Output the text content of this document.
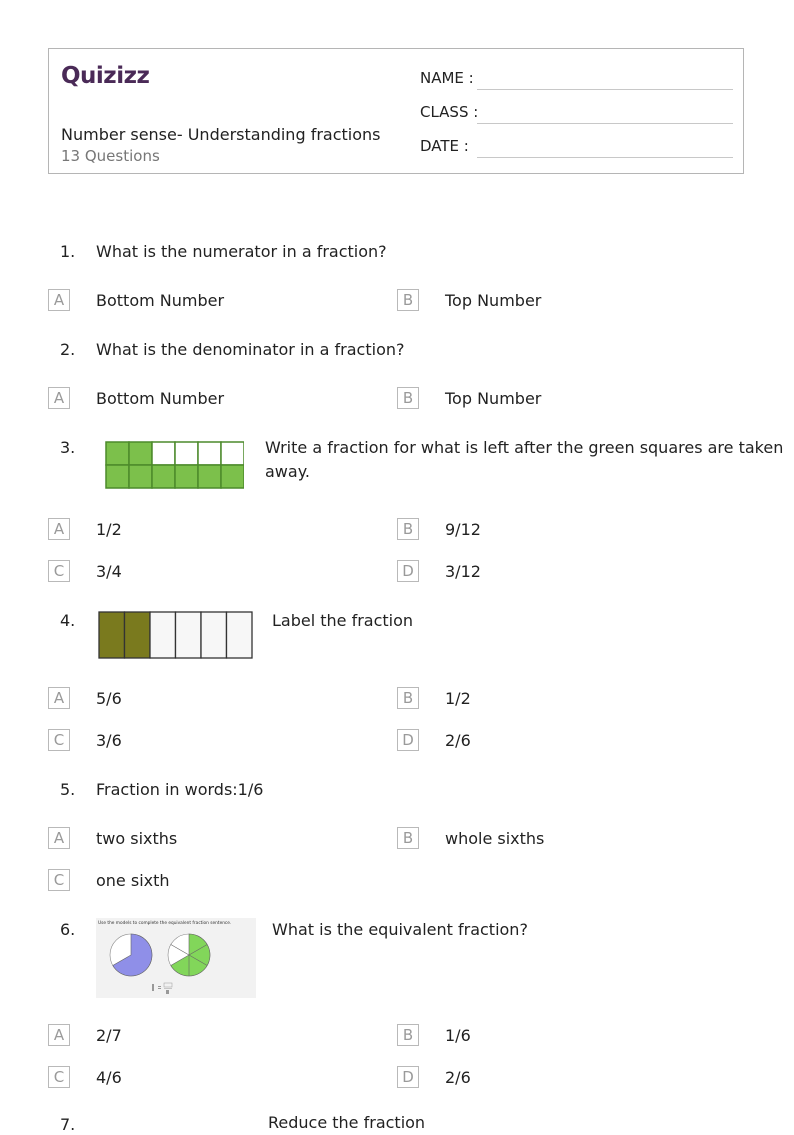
Quizizz
Number sense- Understanding fractions
13 Questions
NAME :
CLASS :
DATE :
1. What is the numerator in a fraction?
A	Bottom Number	B	Top Number
2. What is the denominator in a fraction?
A	Bottom Number	B	Top Number
3.	Write a fraction for what is left after the green squares are taken
away.
A	1/2	B	9/12
C	3/4	D	3/12
4.	Label the fraction
A	5/6	B	1/2
C	3/6	D	2/6
5. Fraction in words:1/6
A	two sixths	B	whole sixths
C	one sixth
6.	Use the models to complete the equivalent fraction sentence.	What is the equivalent fraction?
A	2/7	B	1/6
C	4/6	D	2/6
7.	Reduce the fraction
